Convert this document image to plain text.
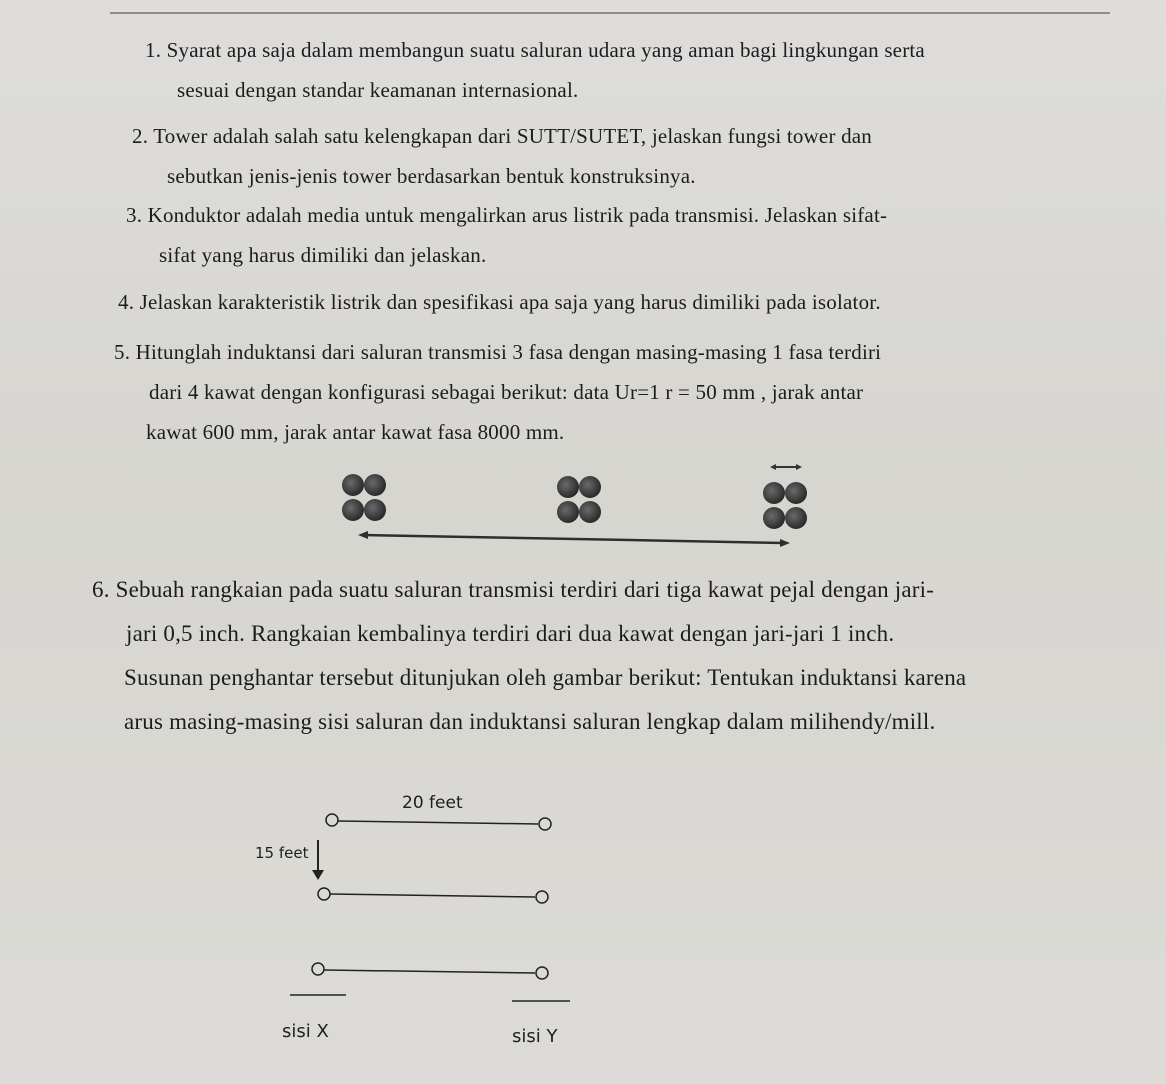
1. Syarat apa saja dalam membangun suatu saluran udara yang aman bagi lingkungan serta
sesuai dengan standar keamanan internasional.
2. Tower adalah salah satu kelengkapan dari SUTT/SUTET, jelaskan fungsi tower dan
sebutkan jenis-jenis tower berdasarkan bentuk konstruksinya.
3. Konduktor adalah media untuk mengalirkan arus listrik pada transmisi. Jelaskan sifat-
sifat yang harus dimiliki dan jelaskan.
4. Jelaskan karakteristik listrik dan spesifikasi apa saja yang harus dimiliki pada isolator.
5. Hitunglah induktansi dari saluran transmisi 3 fasa dengan masing-masing 1 fasa terdiri
dari 4 kawat dengan konfigurasi sebagai berikut: data Ur=1 r = 50 mm , jarak antar
kawat 600 mm, jarak antar kawat fasa 8000 mm.
6. Sebuah rangkaian pada suatu saluran transmisi terdiri dari tiga kawat pejal dengan jari-
jari 0,5 inch. Rangkaian kembalinya terdiri dari dua kawat dengan jari-jari 1 inch.
Susunan penghantar tersebut ditunjukan oleh gambar berikut: Tentukan induktansi karena
arus masing-masing sisi saluran dan induktansi saluran lengkap dalam milihendy/mill.
20 feet
15 feet
sisi X	sisi Y
